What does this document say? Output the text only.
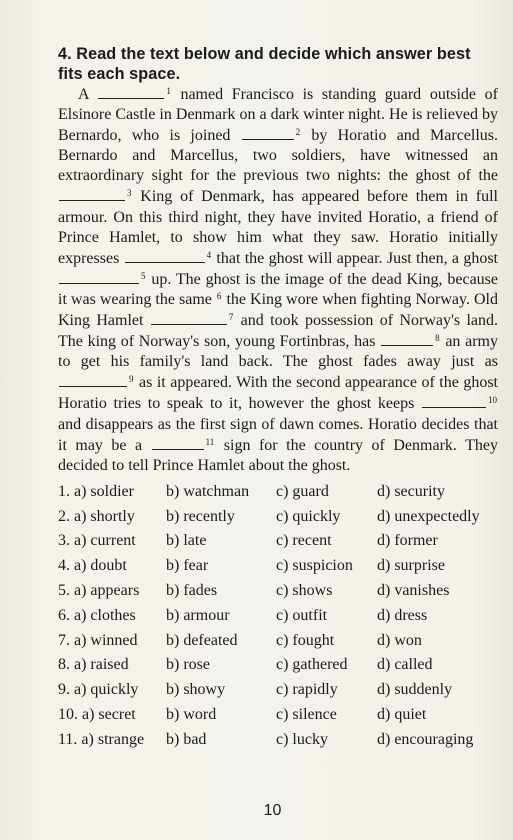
4. Read the text below and decide which answer best fits each space.

A	$^1$ named Francisco is standing guard outside of Elsinore Castle in Denmark on a dark winter night. He is relieved by Bernardo, who is joined	$^2$ by Horatio and Marcellus. Bernardo and Marcellus, two soldiers, have witnessed an extraordinary sight for the previous two nights: the ghost of the $^3$ King of Denmark, has appeared before them in full armour. On this third night, they have invited Horatio, a friend of Prince Hamlet, to show him what they saw. Horatio initially expresses	$^4$ that the ghost will appear. Just then, a ghost $^5$ up. The ghost is the image of the dead King, because it was wearing the same $^6$ the King wore when fighting Norway. Old King Hamlet	$^7$ and took possession of Norway's land. The king of Norway's son, young Fortinbras, has	$^8$ an army to get his family's land back. The ghost fades away just as $^9$ as it appeared. With the second appearance of the ghost Horatio tries to speak to it, however the ghost keeps	$^{10}$ and disappears as the first sign of dawn comes. Horatio decides that it may be a	$^{11}$ sign for the country of Denmark. They decided to tell Prince Hamlet about the ghost.

1. a) soldier b) watchman c) guard	d) security
2. a) shortly b) recently	c) quickly d) unexpectedly
3. a) current b) late	c) recent	d) former
4. a) doubt b) fear	c) suspicion d) surprise
5. a) appears b) fades	c) shows	d) vanishes
6. a) clothes b) armour	c) outfit	d) dress
7. a) winned b) defeated c) fought	d) won
8. a) raised b) rose	c) gathered d) called
9. a) quickly b) showy	c) rapidly d) suddenly
10. a) secret b) word	c) silence	d) quiet
11. a) strange b) bad	c) lucky	d) encouraging
10
